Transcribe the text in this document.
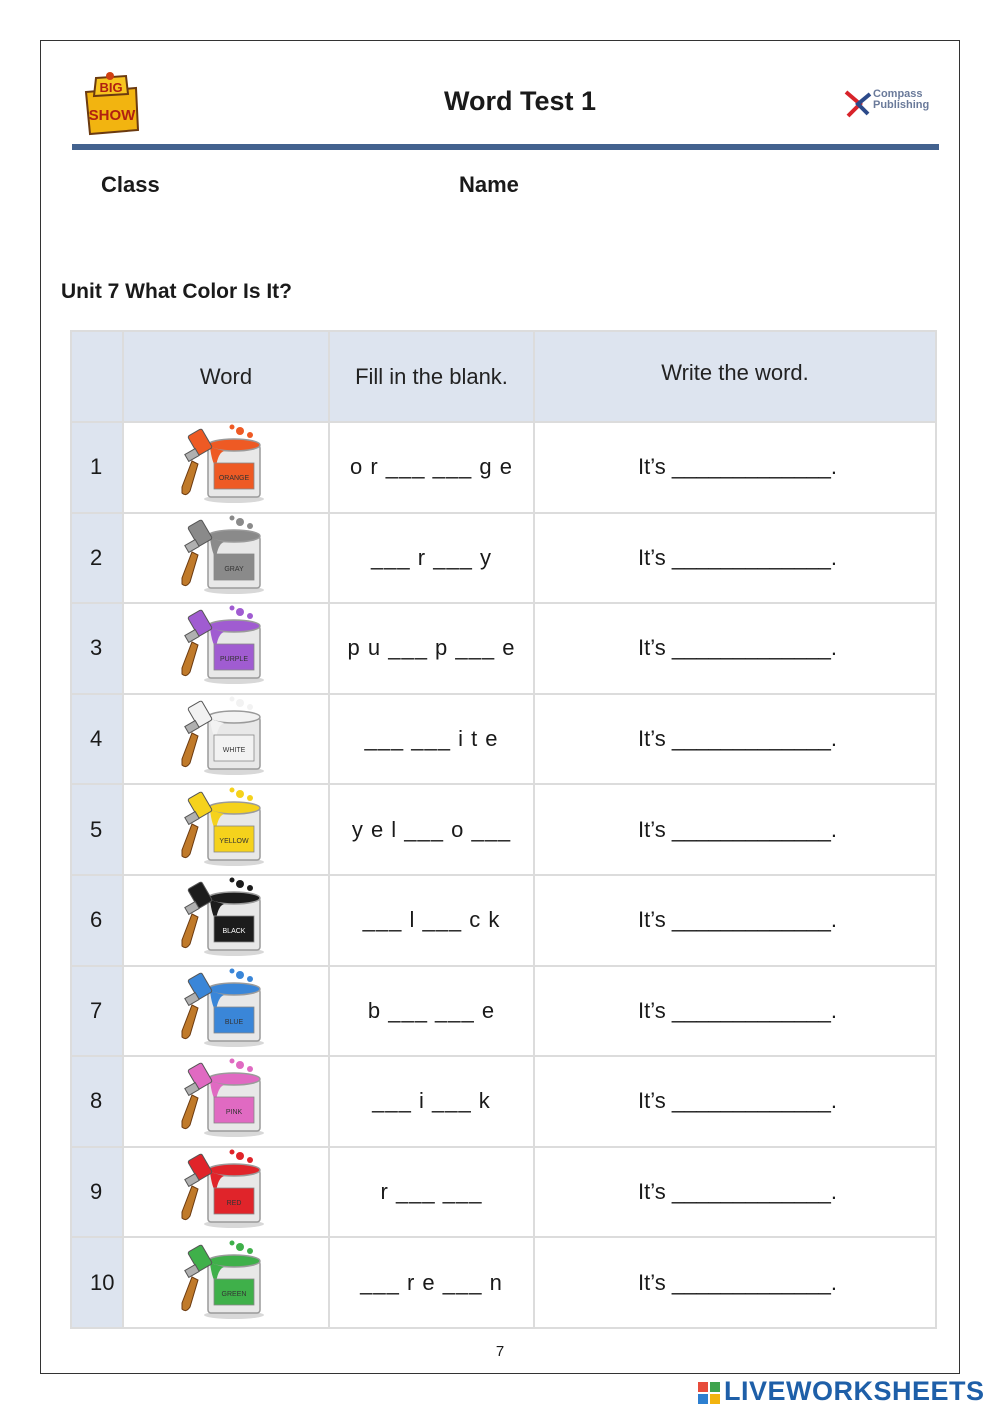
BIG
SHOW	Word Test 1	Compass
Publishing
Class	Name
Unit 7 What Color Is It?
	Word	Fill in the blank.	Write the word.
1	ORANGE	o r ___ ___ g e	It’s _____________.
2	GRAY	___ r ___ y	It’s _____________.
3	PURPLE	p u ___ p ___ e	It’s _____________.
4	WHITE	___ ___ i t e	It’s _____________.
5	YELLOW	y e l ___ o ___	It’s _____________.
6	BLACK	___ l ___ c k	It’s _____________.
7	BLUE	b ___ ___ e	It’s _____________.
8	PINK	___ i ___ k	It’s _____________.
9	RED	r ___ ___	It’s _____________.
10	GREEN	___ r e ___ n	It’s _____________.
7
LIVEWORKSHEETS
